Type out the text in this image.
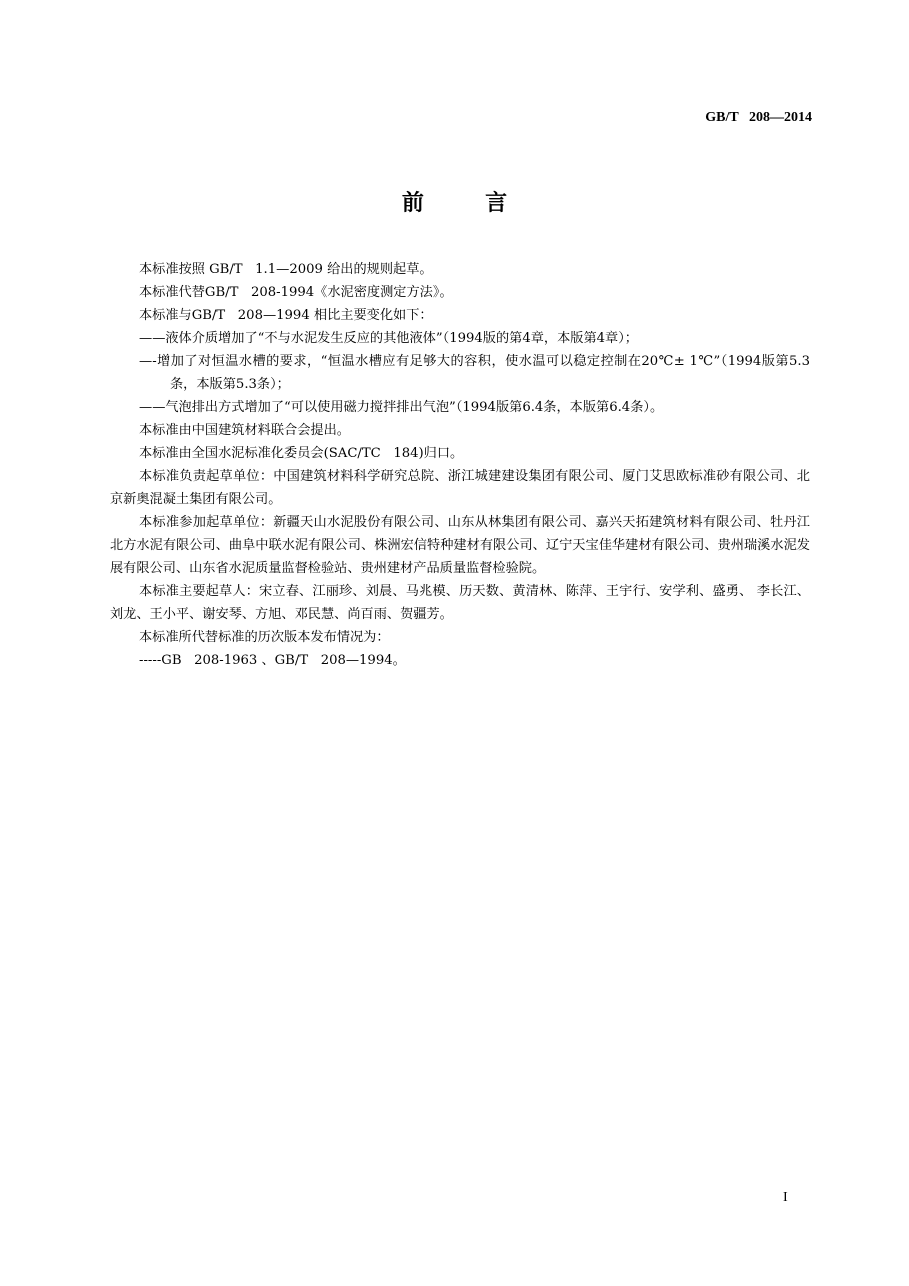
GB/T   208—2014
前        言

本标准按照 GB/T   1.1—2009 给出的规则起草。

本标准代替GB/T   208-1994《水泥密度测定方法》。

本标准与GB/T   208—1994 相比主要变化如下：

——液体介质增加了“不与水泥发生反应的其他液体”（1994版的第4章，本版第4章）；

—-增加了对恒温水槽的要求，“恒温水槽应有足够大的容积，使水温可以稳定控制在20℃± 1℃”（1994版第5.3条，本版第5.3条）；

——气泡排出方式增加了“可以使用磁力搅拌排出气泡”（1994版第6.4条，本版第6.4条）。

本标准由中国建筑材料联合会提出。

本标准由全国水泥标准化委员会(SAC/TC   184)归口。

本标准负责起草单位：中国建筑材料科学研究总院、浙江城建建设集团有限公司、厦门艾思欧标准砂有限公司、北京新奥混凝土集团有限公司。

本标准参加起草单位：新疆天山水泥股份有限公司、山东从林集团有限公司、嘉兴天拓建筑材料有限公司、牡丹江北方水泥有限公司、曲阜中联水泥有限公司、株洲宏信特种建材有限公司、辽宁天宝佳华建材有限公司、贵州瑞溪水泥发展有限公司、山东省水泥质量监督检验站、贵州建材产品质量监督检验院。

本标准主要起草人：宋立春、江丽珍、刘晨、马兆模、历天数、黄清林、陈萍、王宇行、安学利、盛勇、 李长江、刘龙、王小平、谢安琴、方旭、邓民慧、尚百雨、贺疆芳。

本标准所代替标准的历次版本发布情况为：

-----GB   208-1963 、GB/T   208—1994。

I
